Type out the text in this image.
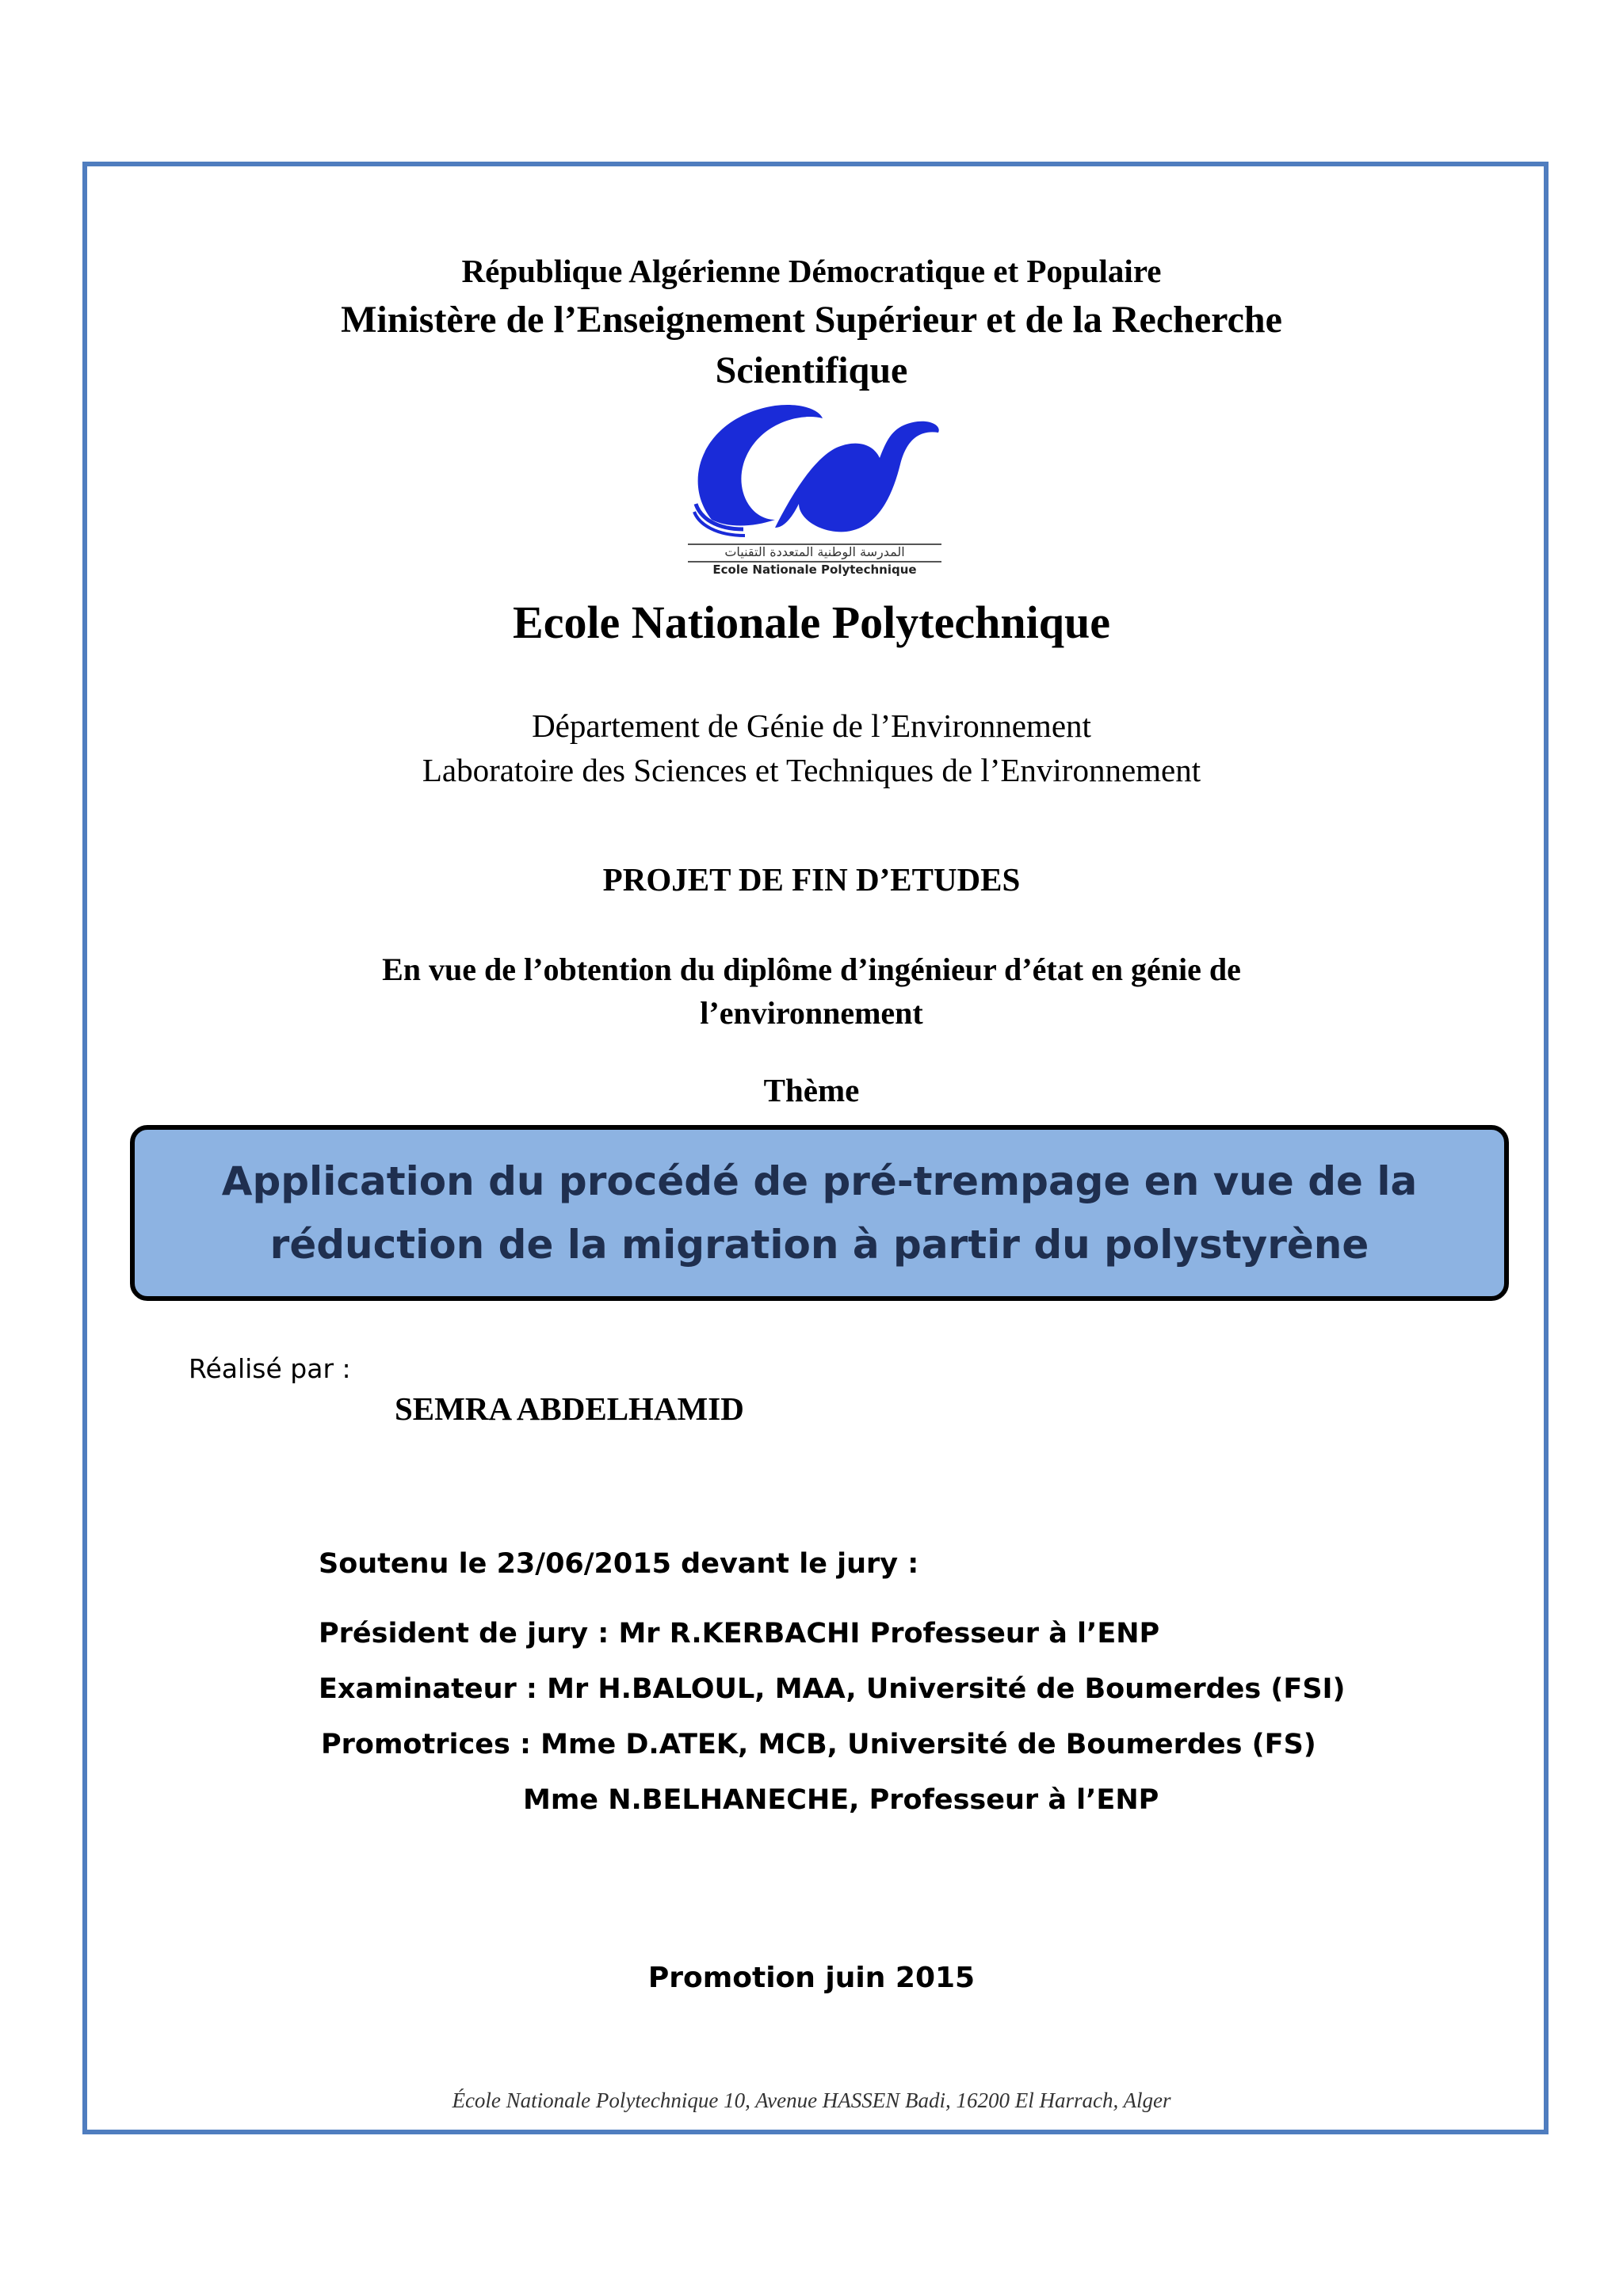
République Algérienne Démocratique et Populaire
Ministère de l’Enseignement Supérieur et de la Recherche
Scientifique
المدرسة الوطنية المتعددة التقنيات
Ecole Nationale Polytechnique
Ecole Nationale Polytechnique
Département de Génie de l’Environnement
Laboratoire des Sciences et Techniques de l’Environnement
PROJET DE FIN D’ETUDES
En vue de l’obtention du diplôme d’ingénieur d’état en génie de
l’environnement
Thème
Application du procédé de pré-trempage en vue de la
réduction de la migration à partir du polystyrène
Réalisé par :
SEMRA ABDELHAMID
Soutenu le 23/06/2015 devant le jury :
Président de jury : Mr R.KERBACHI Professeur à l’ENP
Examinateur : Mr H.BALOUL, MAA, Université de Boumerdes (FSI)
Promotrices : Mme D.ATEK, MCB, Université de Boumerdes (FS)
Mme N.BELHANECHE, Professeur à l’ENP
Promotion juin 2015
École Nationale Polytechnique 10, Avenue HASSEN Badi, 16200 El Harrach, Alger
